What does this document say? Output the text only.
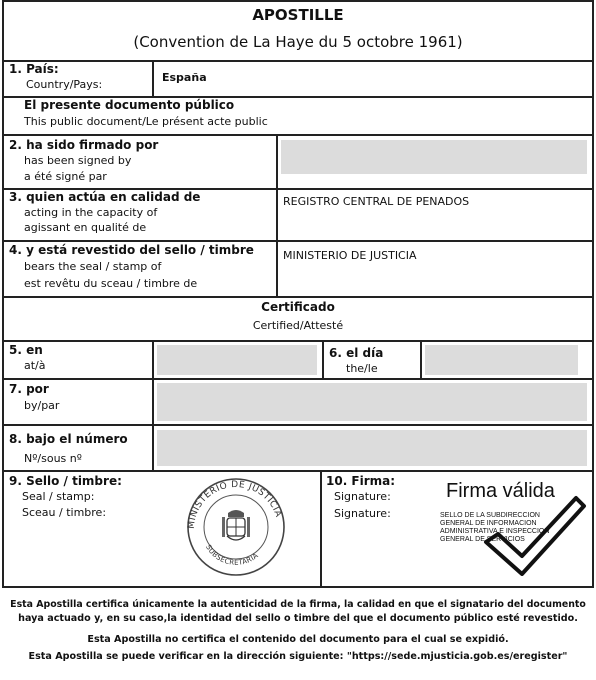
APOSTILLE
(Convention de La Haye du 5 octobre 1961)
1. País:
Country/Pays:
España
El presente documento público
This public document/Le présent acte public
2. ha sido firmado por
has been signed by
a été signé par
3. quien actúa en calidad de
acting in the capacity of
agissant en qualité de
REGISTRO CENTRAL DE PENADOS
4. y está revestido del sello / timbre
bears the seal / stamp of
est revêtu du sceau / timbre de
MINISTERIO DE JUSTICIA
Certificado
Certified/Attesté
5. en
at/à
6. el día
the/le
7. por
by/par
8. bajo el número
Nº/sous nº
9. Sello / timbre:
Seal / stamp:
Sceau / timbre:
10. Firma:
Signature:
Signature:
MINISTERIO DE JUSTICIA
SUBSECRETARIA
Firma válida
SELLO DE LA SUBDIRECCION
GENERAL DE INFORMACION
ADMINISTRATIVA E INSPECCION
GENERAL DE SERVICIOS
Esta Apostilla certifica únicamente la autenticidad de la firma, la calidad en que el signatario del documento
haya actuado y, en su caso,la identidad del sello o timbre del que el documento público esté revestido.
Esta Apostilla no certifica el contenido del documento para el cual se expidió.
Esta Apostilla se puede verificar en la dirección siguiente: "https://sede.mjusticia.gob.es/eregister"
